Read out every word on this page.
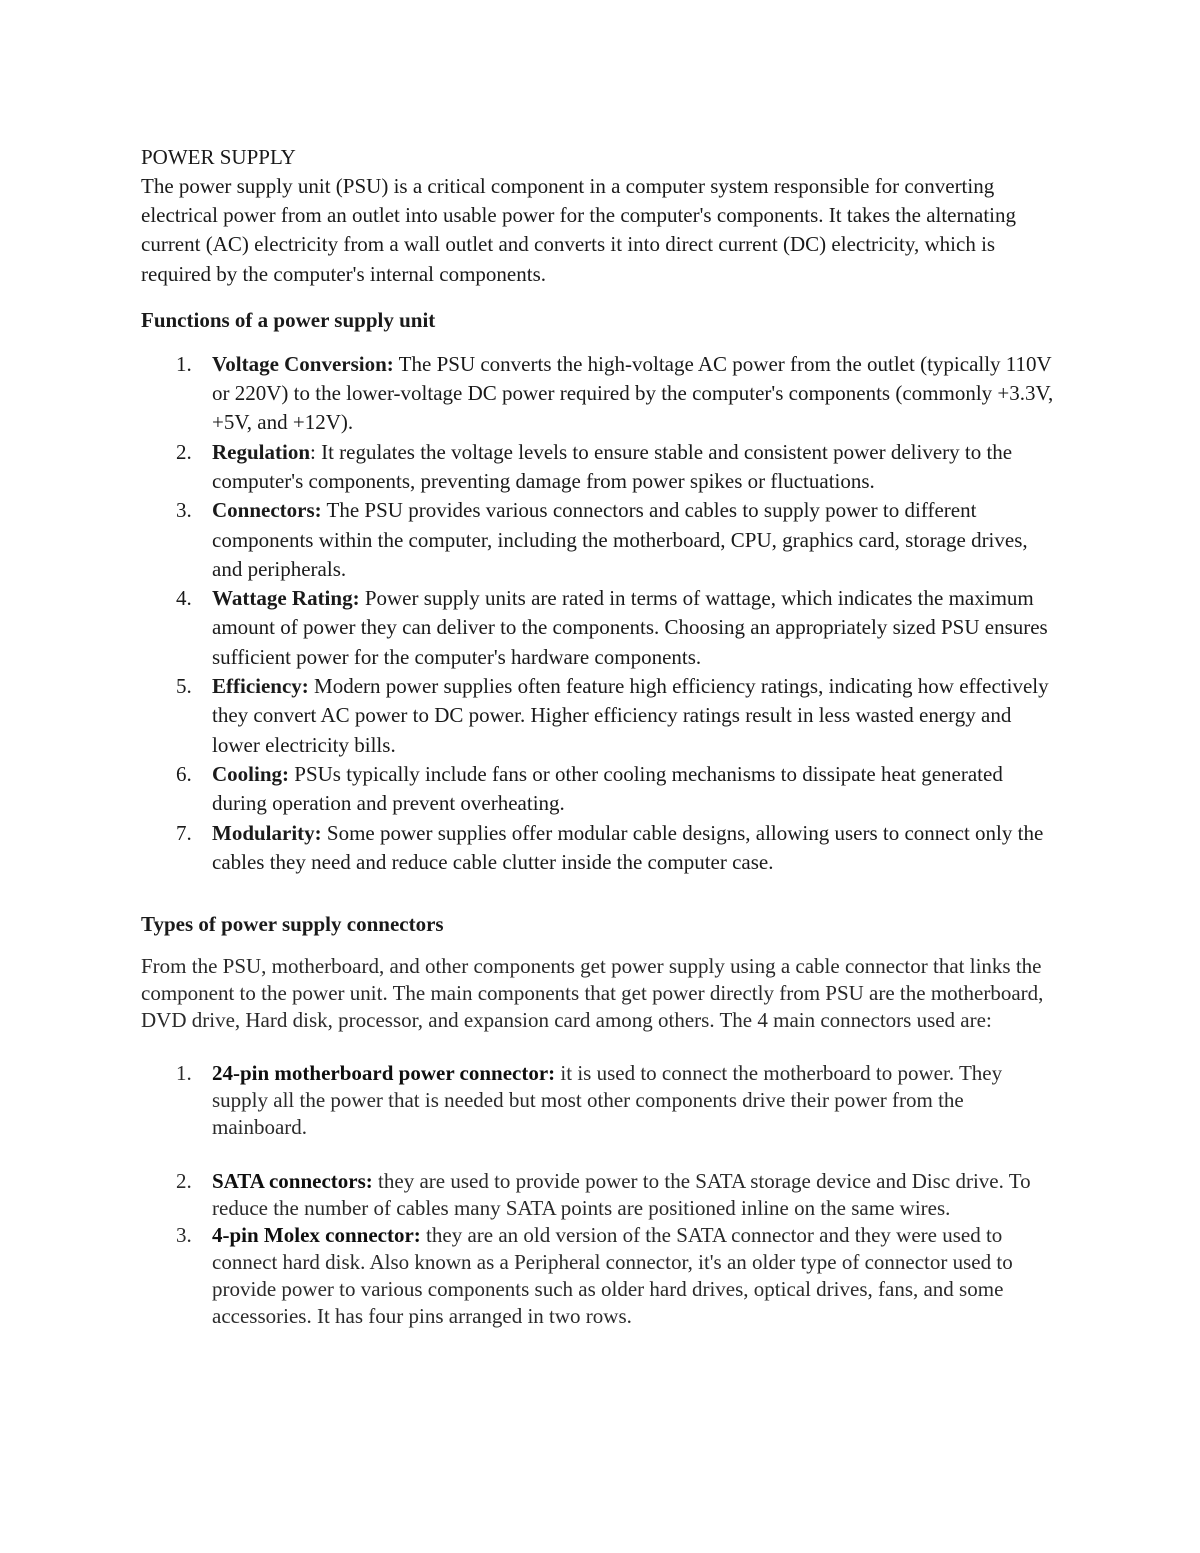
POWER SUPPLY

The power supply unit (PSU) is a critical component in a computer system responsible for converting electrical power from an outlet into usable power for the computer's components. It takes the alternating current (AC) electricity from a wall outlet and converts it into direct current (DC) electricity, which is required by the computer's internal components.

Functions of a power supply unit

1. Voltage Conversion: The PSU converts the high-voltage AC power from the outlet (typically 110V or 220V) to the lower-voltage DC power required by the computer's components (commonly +3.3V, +5V, and +12V).
2. Regulation: It regulates the voltage levels to ensure stable and consistent power delivery to the computer's components, preventing damage from power spikes or fluctuations.
3. Connectors: The PSU provides various connectors and cables to supply power to different components within the computer, including the motherboard, CPU, graphics card, storage drives, and peripherals.
4. Wattage Rating: Power supply units are rated in terms of wattage, which indicates the maximum amount of power they can deliver to the components. Choosing an appropriately sized PSU ensures sufficient power for the computer's hardware components.
5. Efficiency: Modern power supplies often feature high efficiency ratings, indicating how effectively they convert AC power to DC power. Higher efficiency ratings result in less wasted energy and lower electricity bills.
6. Cooling: PSUs typically include fans or other cooling mechanisms to dissipate heat generated during operation and prevent overheating.
7. Modularity: Some power supplies offer modular cable designs, allowing users to connect only the cables they need and reduce cable clutter inside the computer case.

Types of power supply connectors

From the PSU, motherboard, and other components get power supply using a cable connector that links the component to the power unit. The main components that get power directly from PSU are the motherboard, DVD drive, Hard disk, processor, and expansion card among others. The 4 main connectors used are:

1. 24-pin motherboard power connector: it is used to connect the motherboard to power. They supply all the power that is needed but most other components drive their power from the mainboard.
2. SATA connectors: they are used to provide power to the SATA storage device and Disc drive. To reduce the number of cables many SATA points are positioned inline on the same wires.
3. 4-pin Molex connector: they are an old version of the SATA connector and they were used to connect hard disk. Also known as a Peripheral connector, it's an older type of connector used to provide power to various components such as older hard drives, optical drives, fans, and some accessories. It has four pins arranged in two rows.
